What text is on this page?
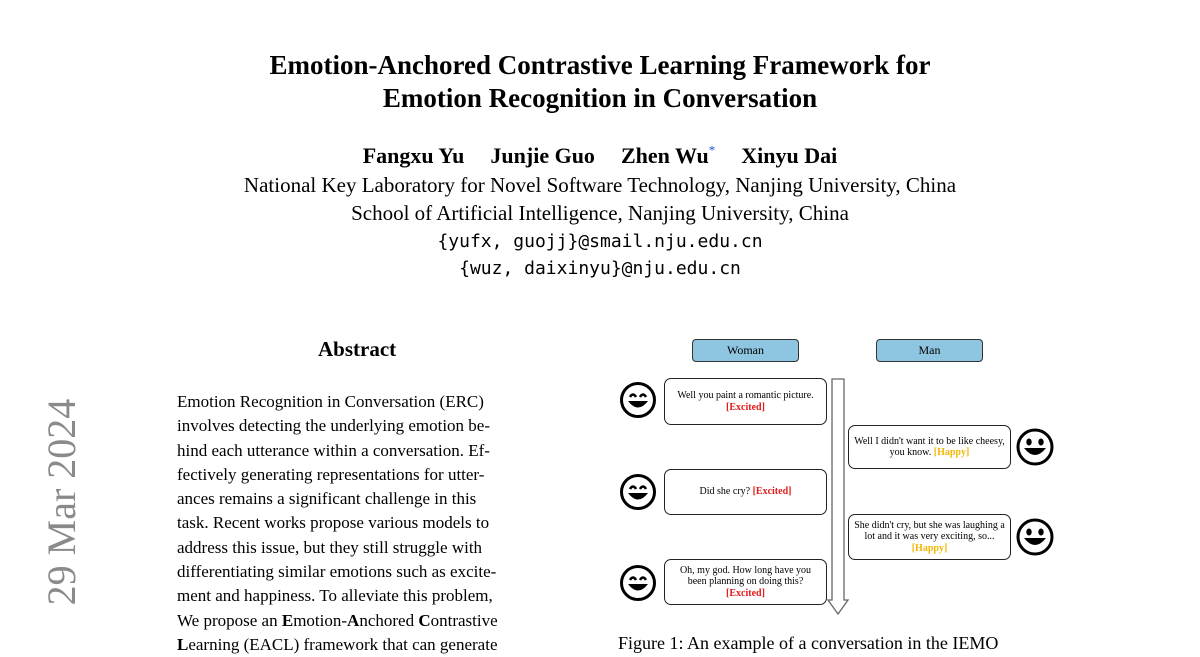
Emotion-Anchored Contrastive Learning Framework for
Emotion Recognition in Conversation
Fangxu Yu Junjie Guo Zhen Wu* Xinyu Dai
National Key Laboratory for Novel Software Technology, Nanjing University, China
School of Artificial Intelligence, Nanjing University, China
{yufx, guojj}@smail.nju.edu.cn
{wuz, daixinyu}@nju.edu.cn
29 Mar 2024
Abstract

Emotion Recognition in Conversation (ERC)

involves detecting the underlying emotion be-

hind each utterance within a conversation. Ef-

fectively generating representations for utter-

ances remains a significant challenge in this

task. Recent works propose various models to

address this issue, but they still struggle with

differentiating similar emotions such as excite-

ment and happiness. To alleviate this problem,

We propose an Emotion-Anchored Contrastive

Learning (EACL) framework that can generate

Woman	Man
Well you paint a romantic picture. [Excited]
Well I didn't want it to be like cheesy, you know. [Happy]
Did she cry? [Excited]
She didn't cry, but she was laughing a lot and it was very exciting, so... [Happy]
Oh, my god. How long have you been planning on doing this? [Excited]
Figure 1: An example of a conversation in the IEMO
